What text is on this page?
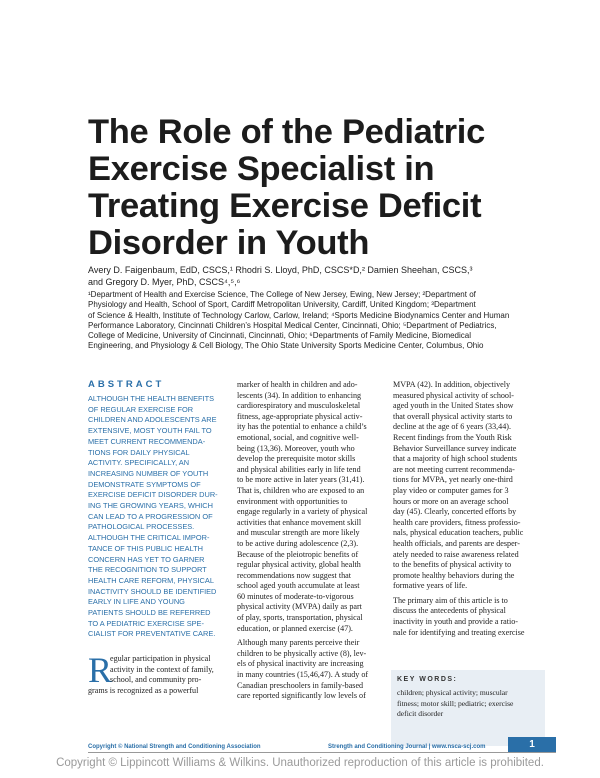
The Role of the Pediatric
Exercise Specialist in
Treating Exercise Deficit
Disorder in Youth
Avery D. Faigenbaum, EdD, CSCS,¹ Rhodri S. Lloyd, PhD, CSCS*D,² Damien Sheehan, CSCS,³
and Gregory D. Myer, PhD, CSCS⁴,⁵,⁶
¹Department of Health and Exercise Science, The College of New Jersey, Ewing, New Jersey; ²Department of
Physiology and Health, School of Sport, Cardiff Metropolitan University, Cardiff, United Kingdom; ³Department
of Science & Health, Institute of Technology Carlow, Carlow, Ireland; ⁴Sports Medicine Biodynamics Center and Human
Performance Laboratory, Cincinnati Children’s Hospital Medical Center, Cincinnati, Ohio; ⁵Department of Pediatrics,
College of Medicine, University of Cincinnati, Cincinnati, Ohio; ⁶Departments of Family Medicine, Biomedical
Engineering, and Physiology & Cell Biology, The Ohio State University Sports Medicine Center, Columbus, Ohio
ABSTRACT
ALTHOUGH THE HEALTH BENEFITS
OF REGULAR EXERCISE FOR
CHILDREN AND ADOLESCENTS ARE
EXTENSIVE, MOST YOUTH FAIL TO
MEET CURRENT RECOMMENDA-
TIONS FOR DAILY PHYSICAL
ACTIVITY. SPECIFICALLY, AN
INCREASING NUMBER OF YOUTH
DEMONSTRATE SYMPTOMS OF
EXERCISE DEFICIT DISORDER DUR-
ING THE GROWING YEARS, WHICH
CAN LEAD TO A PROGRESSION OF
PATHOLOGICAL PROCESSES.
ALTHOUGH THE CRITICAL IMPOR-
TANCE OF THIS PUBLIC HEALTH
CONCERN HAS YET TO GARNER
THE RECOGNITION TO SUPPORT
HEALTH CARE REFORM, PHYSICAL
INACTIVITY SHOULD BE IDENTIFIED
EARLY IN LIFE AND YOUNG
PATIENTS SHOULD BE REFERRED
TO A PEDIATRIC EXERCISE SPE-
CIALIST FOR PREVENTATIVE CARE.
R
egular participation in physical
activity in the context of family,
school, and community pro-
grams is recognized as a powerful
marker of health in children and ado-
lescents (34). In addition to enhancing
cardiorespiratory and musculoskeletal
fitness, age-appropriate physical activ-
ity has the potential to enhance a child’s
emotional, social, and cognitive well-
being (13,36). Moreover, youth who
develop the prerequisite motor skills
and physical abilities early in life tend
to be more active in later years (31,41).
That is, children who are exposed to an
environment with opportunities to
engage regularly in a variety of physical
activities that enhance movement skill
and muscular strength are more likely
to be active during adolescence (2,3).
Because of the pleiotropic benefits of
regular physical activity, global health
recommendations now suggest that
school aged youth accumulate at least
60 minutes of moderate-to-vigorous
physical activity (MVPA) daily as part
of play, sports, transportation, physical
education, or planned exercise (47).
Although many parents perceive their
children to be physically active (8), lev-
els of physical inactivity are increasing
in many countries (15,46,47). A study of
Canadian preschoolers in family-based
care reported significantly low levels of
MVPA (42). In addition, objectively
measured physical activity of school-
aged youth in the United States show
that overall physical activity starts to
decline at the age of 6 years (33,44).
Recent findings from the Youth Risk
Behavior Surveillance survey indicate
that a majority of high school students
are not meeting current recommenda-
tions for MVPA, yet nearly one-third
play video or computer games for 3
hours or more on an average school
day (45). Clearly, concerted efforts by
health care providers, fitness professio-
nals, physical education teachers, public
health officials, and parents are desper-
ately needed to raise awareness related
to the benefits of physical activity to
promote healthy behaviors during the
formative years of life.
The primary aim of this article is to
discuss the antecedents of physical
inactivity in youth and provide a ratio-
nale for identifying and treating exercise
KEY WORDS:
children; physical activity; muscular
fitness; motor skill; pediatric; exercise
deficit disorder
Copyright © National Strength and Conditioning Association	Strength and Conditioning Journal | www.nsca-scj.com	1
Copyright © Lippincott Williams & Wilkins. Unauthorized reproduction of this article is prohibited.
